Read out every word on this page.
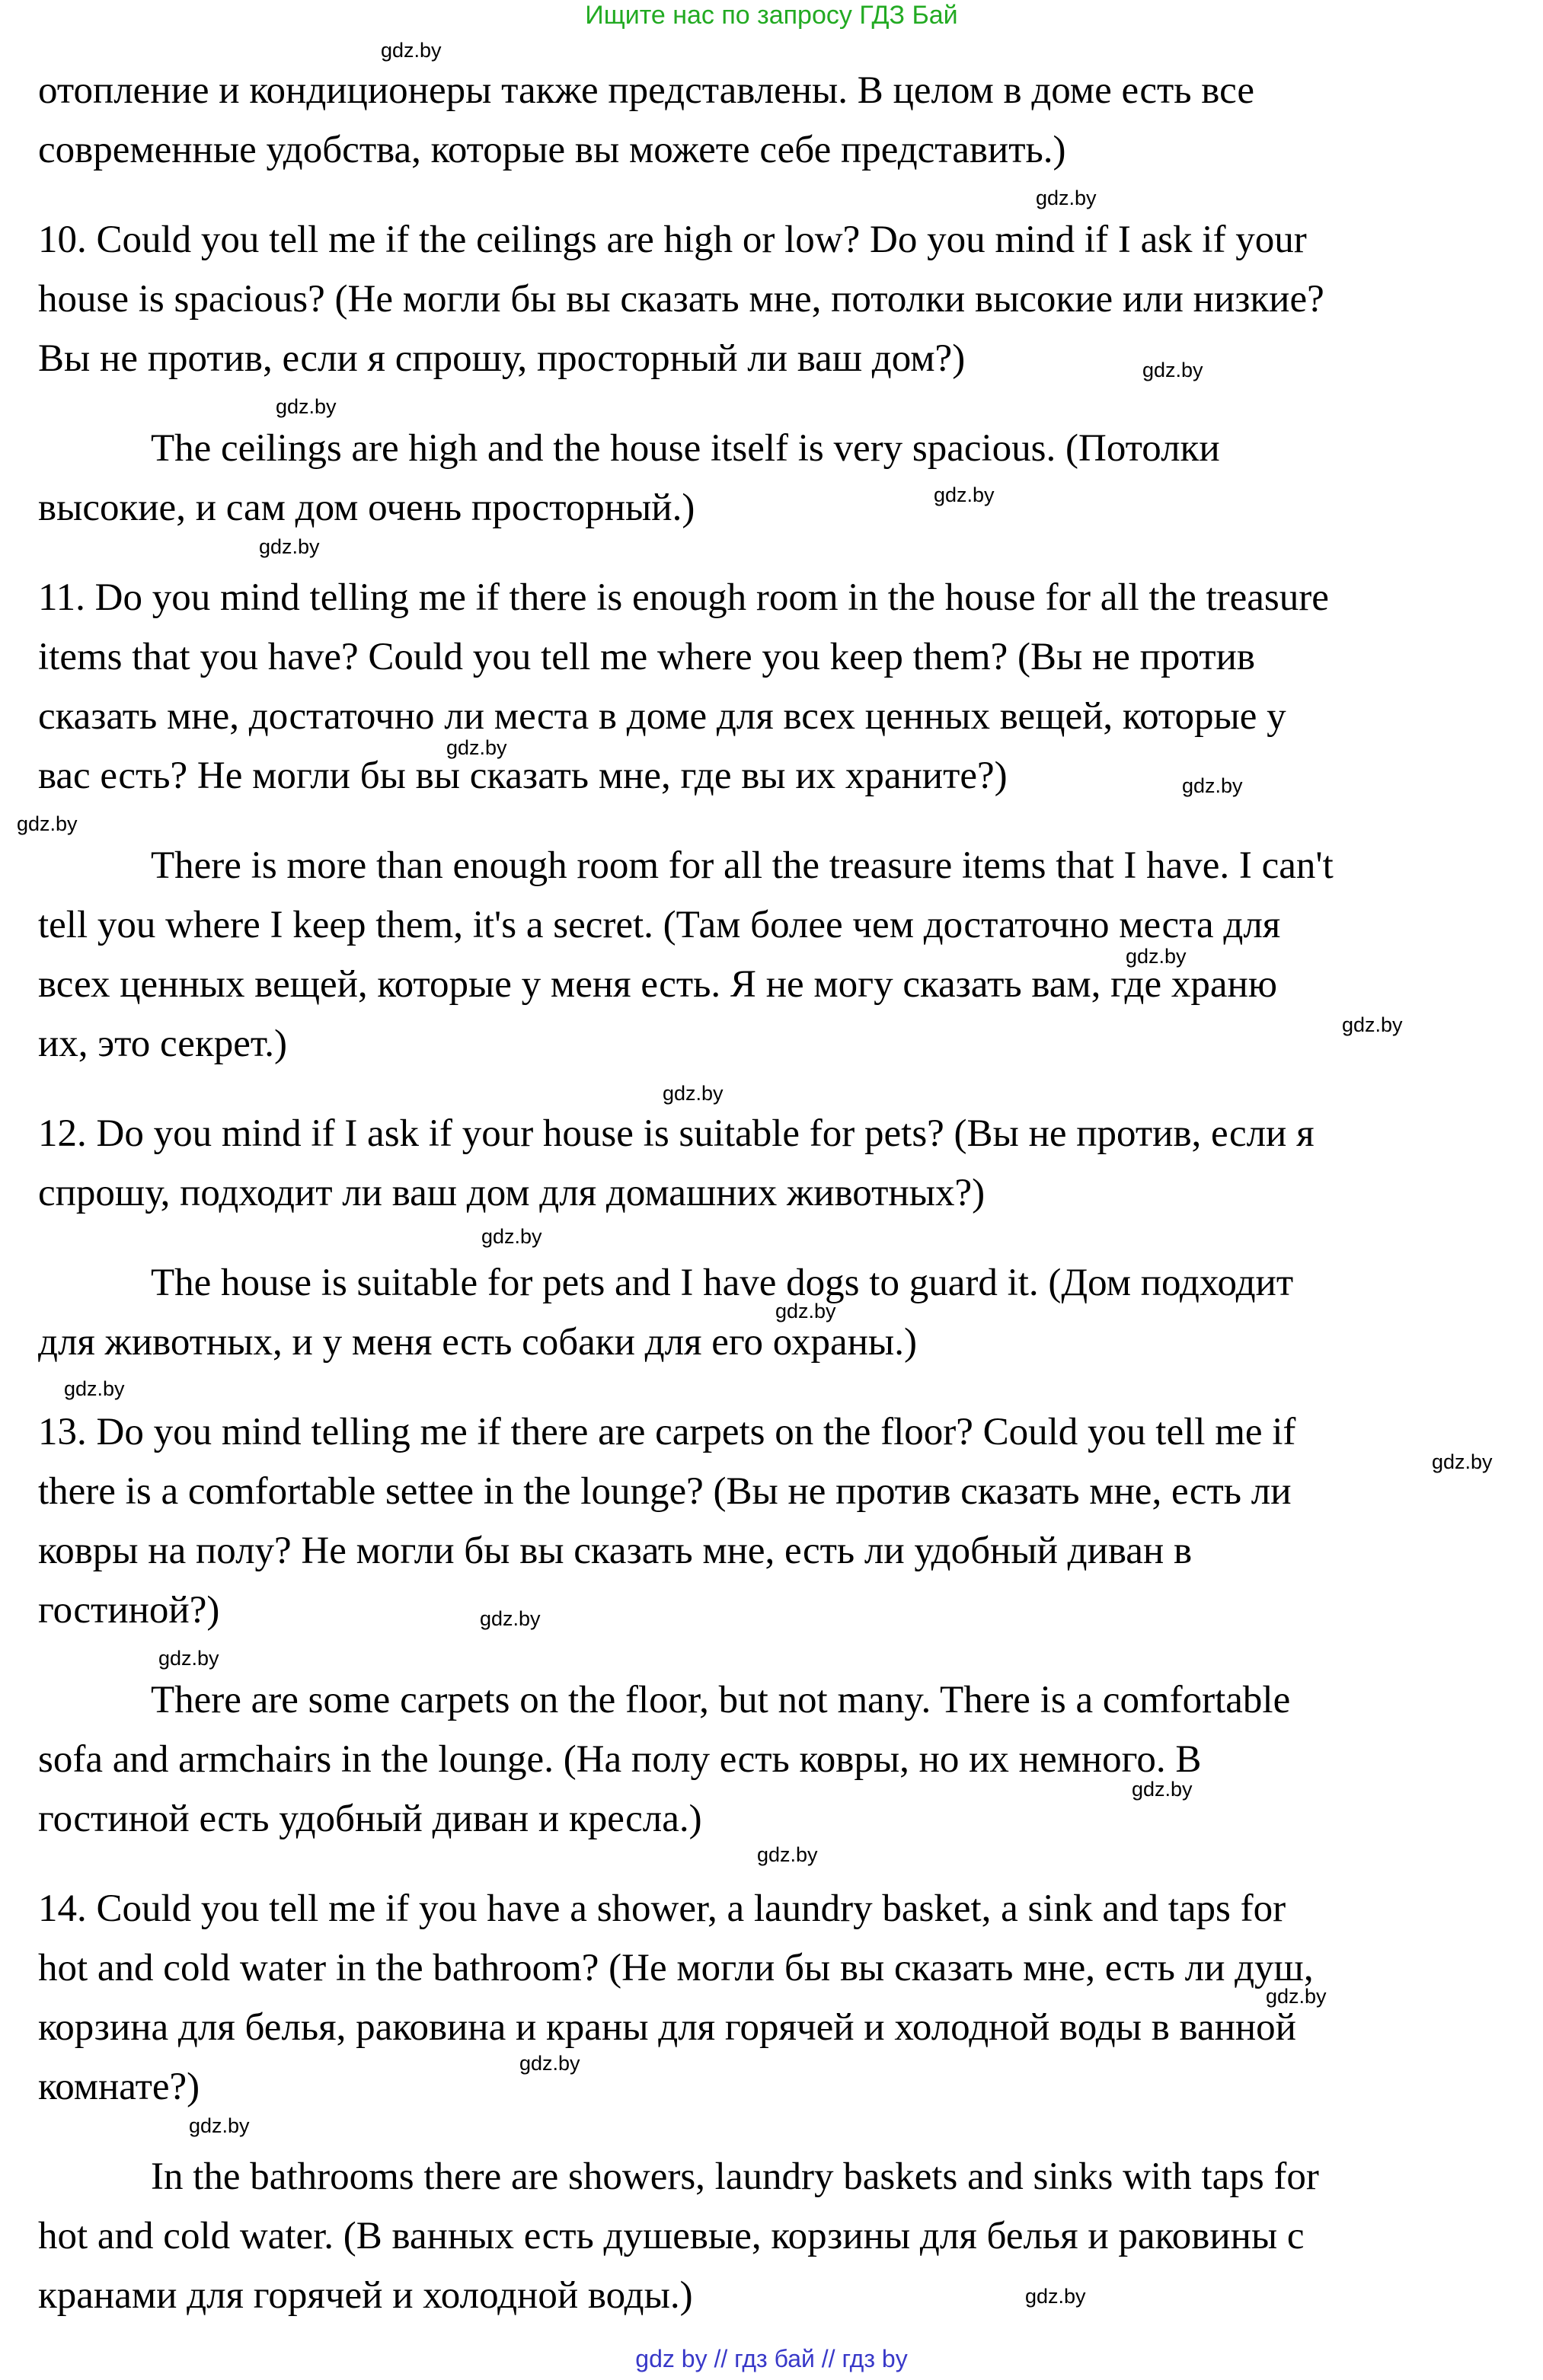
Ищите нас по запросу ГДЗ Бай
отопление и кондиционеры также представлены. В целом в доме есть все
современные удобства, которые вы можете себе представить.)
10. Could you tell me if the ceilings are high or low? Do you mind if I ask if your
house is spacious? (Не могли бы вы сказать мне, потолки высокие или низкие?
Вы не против, если я спрошу, просторный ли ваш дом?)
The ceilings are high and the house itself is very spacious. (Потолки
высокие, и сам дом очень просторный.)
11. Do you mind telling me if there is enough room in the house for all the treasure
items that you have? Could you tell me where you keep them? (Вы не против
сказать мне, достаточно ли места в доме для всех ценных вещей, которые у
вас есть? Не могли бы вы сказать мне, где вы их храните?)
There is more than enough room for all the treasure items that I have. I can't
tell you where I keep them, it's a secret. (Там более чем достаточно места для
всех ценных вещей, которые у меня есть. Я не могу сказать вам, где храню
их, это секрет.)
12. Do you mind if I ask if your house is suitable for pets? (Вы не против, если я
спрошу, подходит ли ваш дом для домашних животных?)
The house is suitable for pets and I have dogs to guard it. (Дом подходит
для животных, и у меня есть собаки для его охраны.)
13. Do you mind telling me if there are carpets on the floor? Could you tell me if
there is a comfortable settee in the lounge? (Вы не против сказать мне, есть ли
ковры на полу? Не могли бы вы сказать мне, есть ли удобный диван в
гостиной?)
There are some carpets on the floor, but not many. There is a comfortable
sofa and armchairs in the lounge. (На полу есть ковры, но их немного. В
гостиной есть удобный диван и кресла.)
14. Could you tell me if you have a shower, a laundry basket, a sink and taps for
hot and cold water in the bathroom? (Не могли бы вы сказать мне, есть ли душ,
корзина для белья, раковина и краны для горячей и холодной воды в ванной
комнате?)
In the bathrooms there are showers, laundry baskets and sinks with taps for
hot and cold water. (В ванных есть душевые, корзины для белья и раковины с
кранами для горячей и холодной воды.)
gdz.by
gdz.by
gdz.by
gdz.by
gdz.by
gdz.by
gdz.by
gdz.by
gdz.by
gdz.by
gdz.by
gdz.by
gdz.by
gdz.by
gdz.by
gdz.by
gdz.by
gdz.by
gdz.by
gdz.by
gdz.by
gdz.by
gdz.by
gdz.by
gdz by // гдз бай // гдз by
